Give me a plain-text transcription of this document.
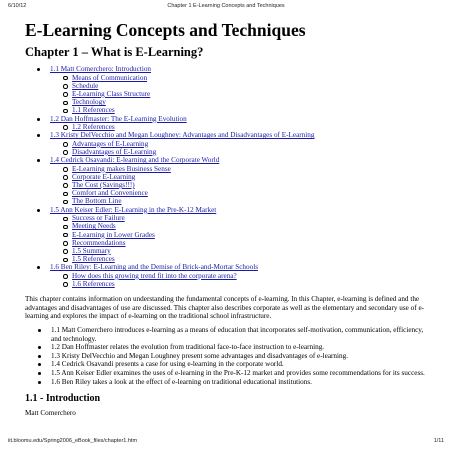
6/10/12	Chapter 1 E-Learning Concepts and Techniques
E-Learning Concepts and Techniques
Chapter 1 – What is E-Learning?
1.1 Matt Comerchero: Introduction
Means of Communication
Schedule
E-Learning Class Structure
Technology
1.1 References
1.2 Dan Hoffmaster: The E-Learning Evolution
1.2 References
1.3 Kristy DelVecchio and Megan Loughney: Advantages and Disadvantages of E-Learning
Advantages of E-Learning
Disadvantages of E-Learning
1.4 Cedrick Osavandi: E-learning and the Corporate World
E-Learning makes Business Sense
Corporate E-Learning
The Cost (Savings!!!)
Comfort and Convenience
The Bottom Line
1.5 Ann Keiser Edler: E-Learning in the Pre-K-12 Market
Success or Failure
Meeting Needs
E-Learning in Lower Grades
Recommendations
1.5 Summary
1.5 References
1.6 Ben Riley: E-Learning and the Demise of Brick-and-Mortar Schools
How does this growing trend fit into the corporate arena?
1.6 References

This chapter contains information on understanding the fundamental concepts of e-learning. In this Chapter, e-learning is defined and the advantages and disadvantages of use are discussed. This chapter also describes corporate as well as the elementary and secondary use of e-learning and explores the impact of e-learning on the traditional school infrastructure.

1.1 Matt Comerchero introduces e-learning as a means of education that incorporates self-motivation, communication, efficiency, and technology.
1.2 Dan Hoffmaster relates the evolution from traditional face-to-face instruction to e-learning.
1.3 Kristy DelVecchio and Megan Loughney present some advantages and disadvantages of e-learning.
1.4 Cedrick Osavandi presents a case for using e-learning in the corporate world.
1.5 Ann Keiser Edler examines the uses of e-learning in the Pre-K-12 market and provides some recommendations for its success.
1.6 Ben Riley takes a look at the effect of e-learning on traditional educational institutions.
1.1 - Introduction

Matt Comerchero

iit.bloomu.edu/Spring2006_eBook_files/chapter1.htm	1/11
